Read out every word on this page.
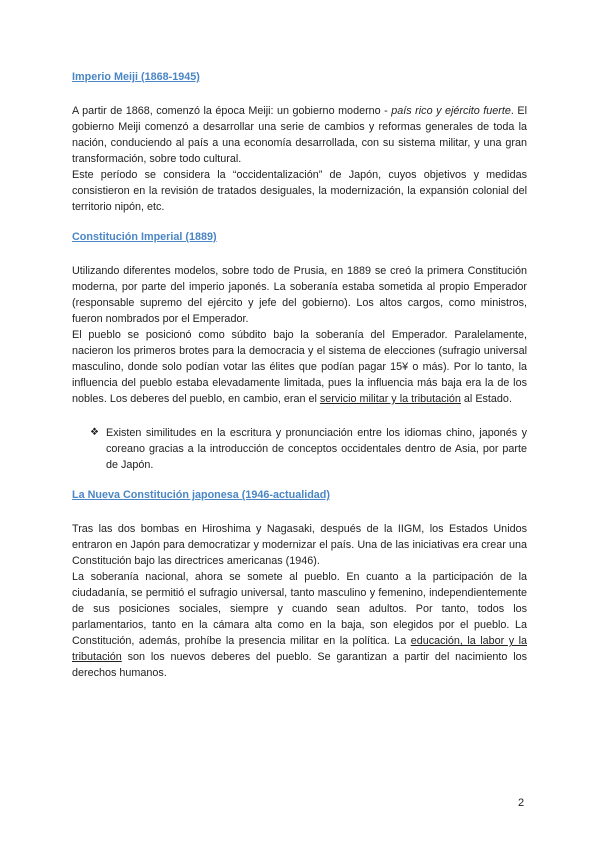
Imperio Meiji (1868-1945)

A partir de 1868, comenzó la época Meiji: un gobierno moderno - país rico y ejército fuerte. El gobierno Meiji comenzó a desarrollar una serie de cambios y reformas generales de toda la nación, conduciendo al país a una economía desarrollada, con su sistema militar, y una gran transformación, sobre todo cultural.

Este período se considera la “occidentalización” de Japón, cuyos objetivos y medidas consistieron en la revisión de tratados desiguales, la modernización, la expansión colonial del territorio nipón, etc.

Constitución Imperial (1889)

Utilizando diferentes modelos, sobre todo de Prusia, en 1889 se creó la primera Constitución moderna, por parte del imperio japonés. La soberanía estaba sometida al propio Emperador (responsable supremo del ejército y jefe del gobierno). Los altos cargos, como ministros, fueron nombrados por el Emperador.

El pueblo se posicionó como súbdito bajo la soberanía del Emperador. Paralelamente, nacieron los primeros brotes para la democracia y el sistema de elecciones (sufragio universal masculino, donde solo podían votar las élites que podían pagar 15¥ o más). Por lo tanto, la influencia del pueblo estaba elevadamente limitada, pues la influencia más baja era la de los nobles. Los deberes del pueblo, en cambio, eran el servicio militar y la tributación al Estado.

❖ Existen similitudes en la escritura y pronunciación entre los idiomas chino, japonés y coreano gracias a la introducción de conceptos occidentales dentro de Asia, por parte de Japón.

La Nueva Constitución japonesa (1946-actualidad)

Tras las dos bombas en Hiroshima y Nagasaki, después de la IIGM, los Estados Unidos entraron en Japón para democratizar y modernizar el país. Una de las iniciativas era crear una Constitución bajo las directrices americanas (1946).

La soberanía nacional, ahora se somete al pueblo. En cuanto a la participación de la ciudadanía, se permitió el sufragio universal, tanto masculino y femenino, independientemente de sus posiciones sociales, siempre y cuando sean adultos. Por tanto, todos los parlamentarios, tanto en la cámara alta como en la baja, son elegidos por el pueblo. La Constitución, además, prohíbe la presencia militar en la política. La educación, la labor y la tributación son los nuevos deberes del pueblo. Se garantizan a partir del nacimiento los derechos humanos.

2
